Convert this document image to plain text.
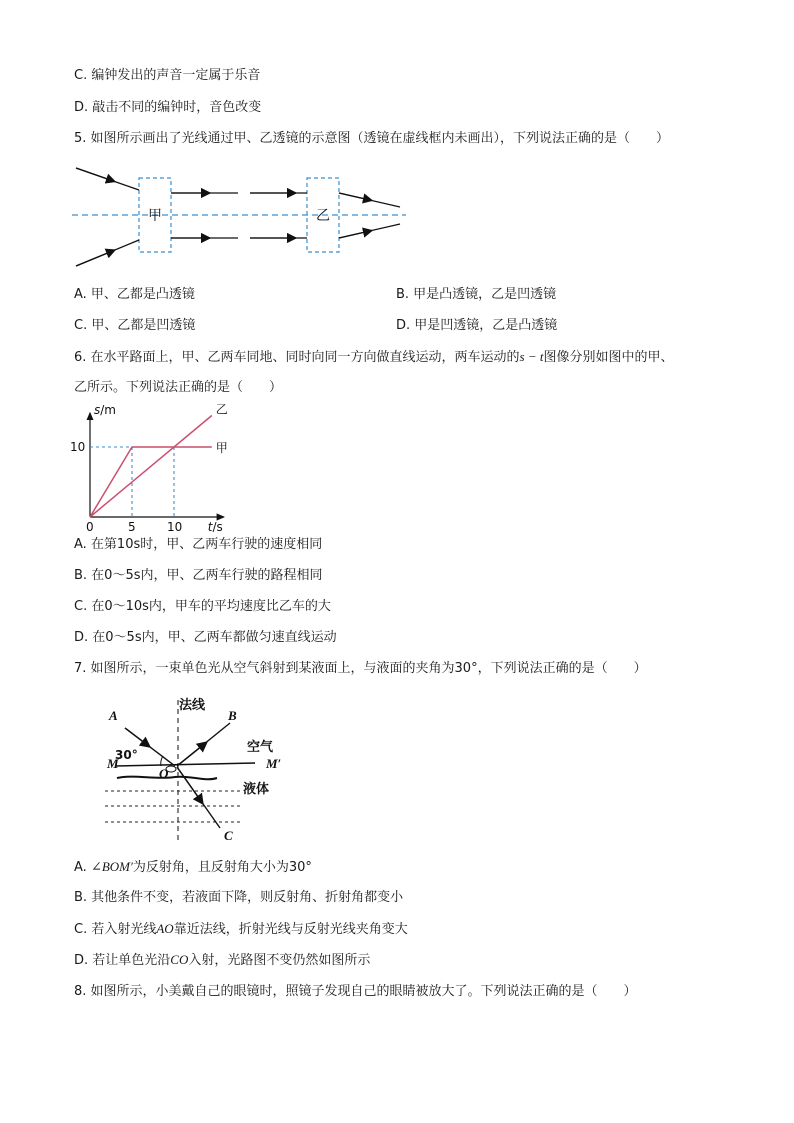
C. 编钟发出的声音一定属于乐音
D. 敲击不同的编钟时，音色改变
5. 如图所示画出了光线通过甲、乙透镜的示意图（透镜在虚线框内未画出），下列说法正确的是（　　）
甲	乙
A. 甲、乙都是凸透镜	B. 甲是凸透镜，乙是凹透镜
C. 甲、乙都是凹透镜	D. 甲是凹透镜，乙是凸透镜
6. 在水平路面上，甲、乙两车同地、同时向同一方向做直线运动，两车运动的s − t图像分别如图中的甲、
乙所示。下列说法正确的是（　　）
甲
乙
0	5	10
10
s/m
t/s
A. 在第10s时，甲、乙两车行驶的速度相同
B. 在0～5s内，甲、乙两车行驶的路程相同
C. 在0～10s内，甲车的平均速度比乙车的大
D. 在0～5s内，甲、乙两车都做匀速直线运动
7. 如图所示，一束单色光从空气斜射到某液面上，与液面的夹角为30°，下列说法正确的是（　　）
法线
A	B
空气
30°
M	M′
O
液体
C
A. ∠BOM′为反射角，且反射角大小为30°
B. 其他条件不变，若液面下降，则反射角、折射角都变小
C. 若入射光线AO靠近法线，折射光线与反射光线夹角变大
D. 若让单色光沿CO入射，光路图不变仍然如图所示
8. 如图所示，小美戴自己的眼镜时，照镜子发现自己的眼睛被放大了。下列说法正确的是（　　）
